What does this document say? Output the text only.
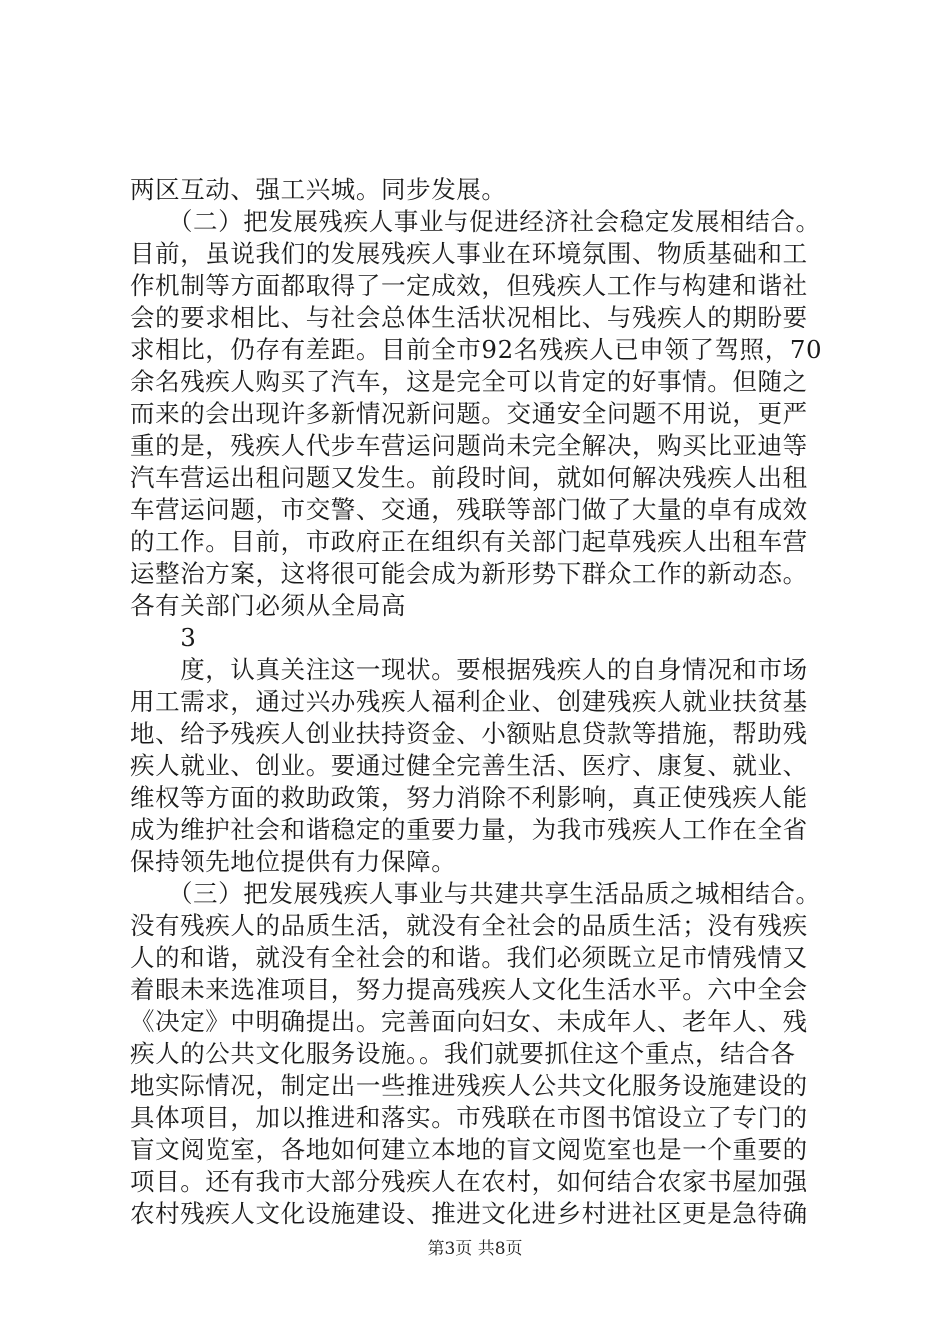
两区互动、强工兴城。同步发展。
　　（二）把发展残疾人事业与促进经济社会稳定发展相结合。
目前，虽说我们的发展残疾人事业在环境氛围、物质基础和工
作机制等方面都取得了一定成效，但残疾人工作与构建和谐社
会的要求相比、与社会总体生活状况相比、与残疾人的期盼要
求相比，仍存有差距。目前全市92名残疾人已申领了驾照，70
余名残疾人购买了汽车，这是完全可以肯定的好事情。但随之
而来的会出现许多新情况新问题。交通安全问题不用说，更严
重的是，残疾人代步车营运问题尚未完全解决，购买比亚迪等
汽车营运出租问题又发生。前段时间，就如何解决残疾人出租
车营运问题，市交警、交通，残联等部门做了大量的卓有成效
的工作。目前，市政府正在组织有关部门起草残疾人出租车营
运整治方案，这将很可能会成为新形势下群众工作的新动态。
各有关部门必须从全局高
　　3
　　度，认真关注这一现状。要根据残疾人的自身情况和市场
用工需求，通过兴办残疾人福利企业、创建残疾人就业扶贫基
地、给予残疾人创业扶持资金、小额贴息贷款等措施，帮助残
疾人就业、创业。要通过健全完善生活、医疗、康复、就业、
维权等方面的救助政策，努力消除不利影响，真正使残疾人能
成为维护社会和谐稳定的重要力量，为我市残疾人工作在全省
保持领先地位提供有力保障。
　　（三）把发展残疾人事业与共建共享生活品质之城相结合。
没有残疾人的品质生活，就没有全社会的品质生活；没有残疾
人的和谐，就没有全社会的和谐。我们必须既立足市情残情又
着眼未来选准项目，努力提高残疾人文化生活水平。六中全会
《决定》中明确提出。完善面向妇女、未成年人、老年人、残
疾人的公共文化服务设施。。我们就要抓住这个重点，结合各
地实际情况，制定出一些推进残疾人公共文化服务设施建设的
具体项目，加以推进和落实。市残联在市图书馆设立了专门的
盲文阅览室，各地如何建立本地的盲文阅览室也是一个重要的
项目。还有我市大部分残疾人在农村，如何结合农家书屋加强
农村残疾人文化设施建设、推进文化进乡村进社区更是急待确
第3页 共8页
